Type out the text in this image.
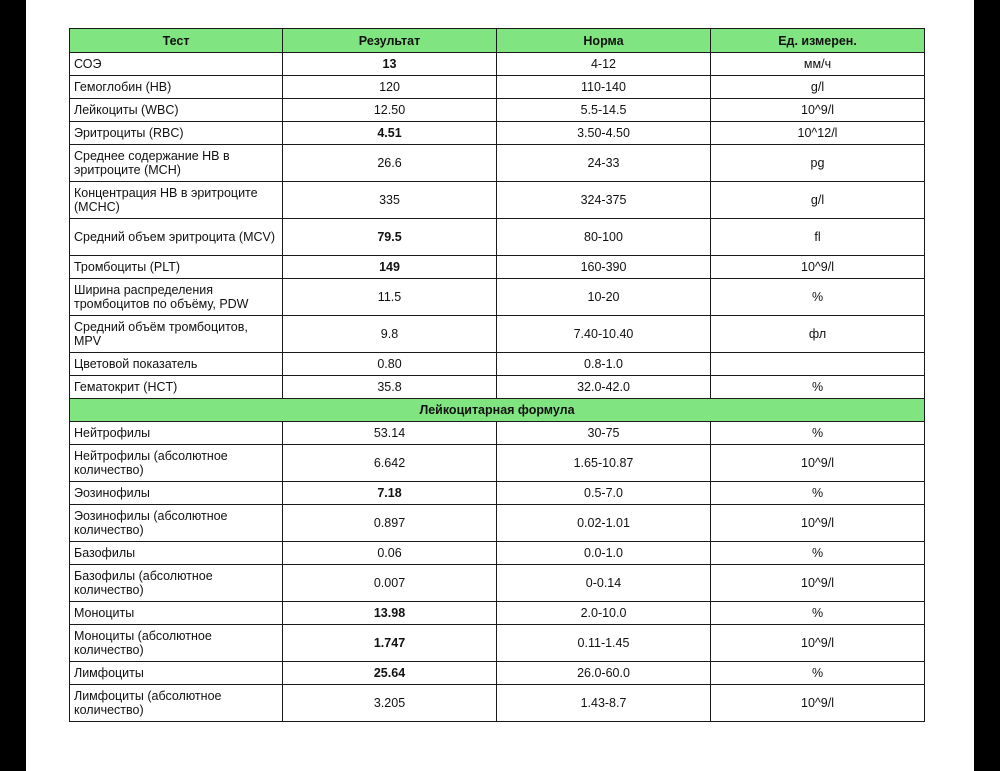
Тест	Результат	Норма	Ед. измерен.
СОЭ	13	4-12	мм/ч
Гемоглобин (HB)	120	110-140	g/l
Лейкоциты (WBC)	12.50	5.5-14.5	10^9/l
Эритроциты (RBC)	4.51	3.50-4.50	10^12/l
Среднее содержание HB в эритроците (MCH)	26.6	24-33	pg
Концентрация HB в эритроците (MCHC)	335	324-375	g/l
Средний объем эритроцита (MCV)	79.5	80-100	fl
Тромбоциты (PLT)	149	160-390	10^9/l
Ширина распределения тромбоцитов по объёму, PDW	11.5	10-20	%
Средний объём тромбоцитов, MPV	9.8	7.40-10.40	фл
Цветовой показатель	0.80	0.8-1.0	
Гематокрит (HCT)	35.8	32.0-42.0	%
Лейкоцитарная формула			
Нейтрофилы	53.14	30-75	%
Нейтрофилы (абсолютное количество)	6.642	1.65-10.87	10^9/l
Эозинофилы	7.18	0.5-7.0	%
Эозинофилы (абсолютное количество)	0.897	0.02-1.01	10^9/l
Базофилы	0.06	0.0-1.0	%
Базофилы (абсолютное количество)	0.007	0-0.14	10^9/l
Моноциты	13.98	2.0-10.0	%
Моноциты (абсолютное количество)	1.747	0.11-1.45	10^9/l
Лимфоциты	25.64	26.0-60.0	%
Лимфоциты (абсолютное количество)	3.205	1.43-8.7	10^9/l
